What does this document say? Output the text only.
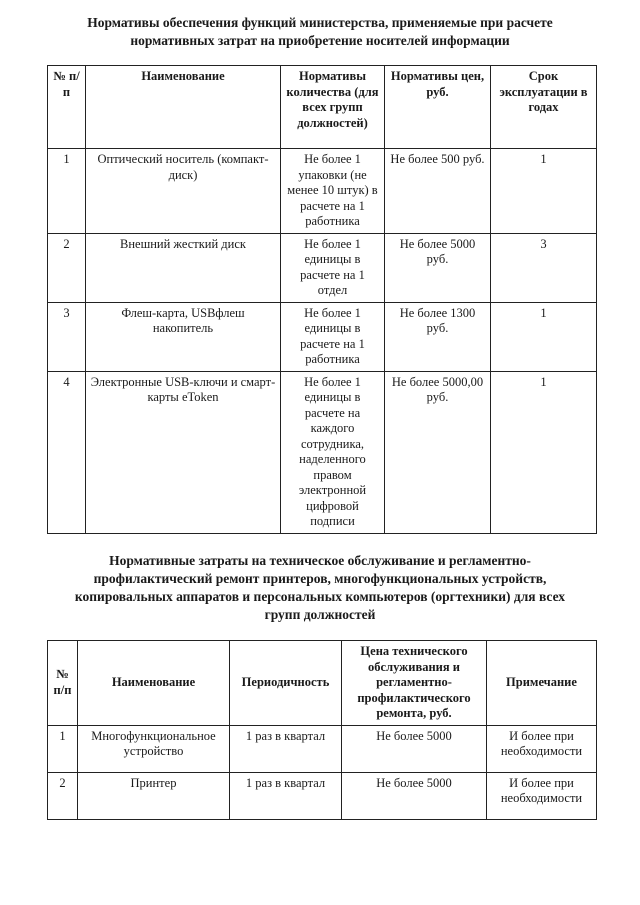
Нормативы обеспечения функций министерства, применяемые при расчете нормативных затрат на приобретение носителей информации
№ п/п	Наименование	Нормативы количества (для всех групп должностей)	Нормативы цен, руб.	Срок эксплуатации в годах
1	Оптический носитель (компакт-диск)	Не более 1 упаковки (не менее 10 штук) в расчете на 1 работника	Не более 500 руб.	1
2	Внешний жесткий диск	Не более 1 единицы в расчете на 1 отдел	Не более 5000 руб.	3
3	Флеш-карта, USBфлеш накопитель	Не более 1 единицы в расчете на 1 работника	Не более 1300 руб.	1
4	Электронные USB-ключи и смарт-карты eToken	Не более 1 единицы в расчете на каждого сотрудника, наделенного правом электронной цифровой подписи	Не более 5000,00 руб.	1
Нормативные затраты на техническое обслуживание и регламентно-профилактический ремонт принтеров, многофункциональных устройств, копировальных аппаратов и персональных компьютеров (оргтехники) для всех групп должностей
№ п/п	Наименование	Периодичность	Цена технического обслуживания и регламентно-профилактического ремонта, руб.	Примечание
1	Многофункциональное устройство	1 раз в квартал	Не более 5000	И более при необходимости
2	Принтер	1 раз в квартал	Не более 5000	И более при необходимости
